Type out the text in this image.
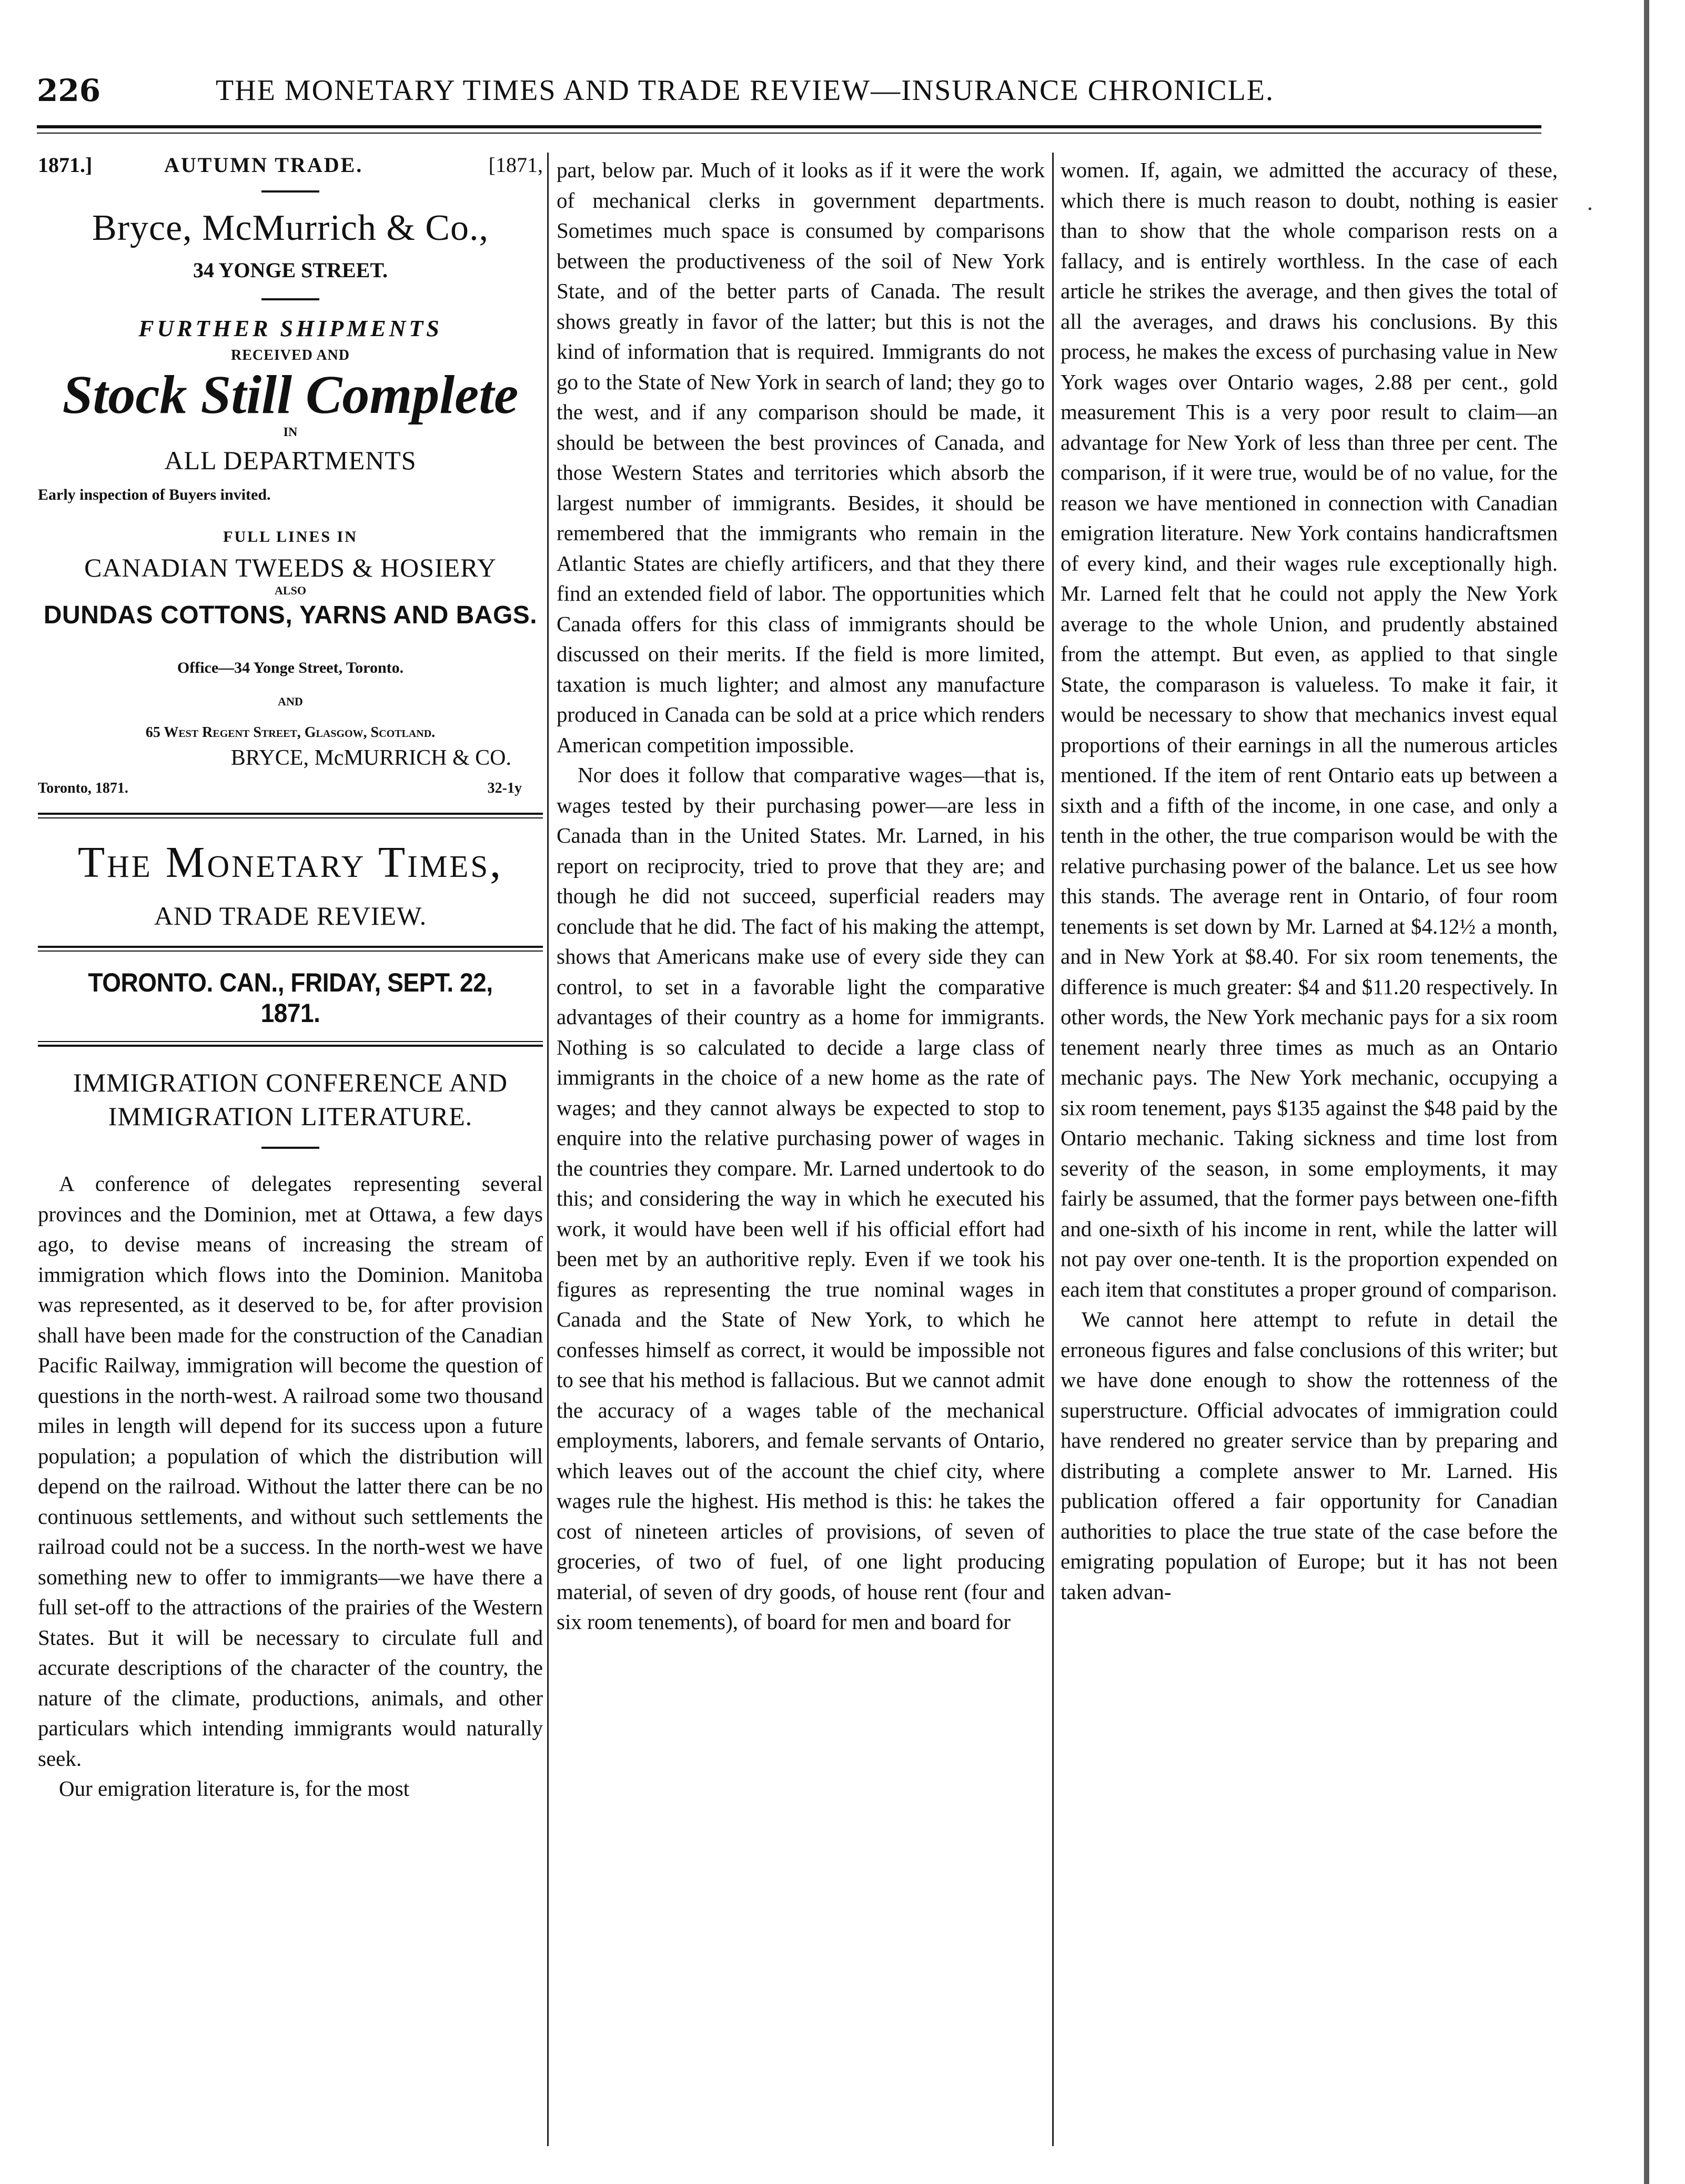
226	THE MONETARY TIMES AND TRADE REVIEW—INSURANCE CHRONICLE.
·
1871.]	AUTUMN TRADE.	[1871,
Bryce, McMurrich & Co.,
34 YONGE STREET.
FURTHER SHIPMENTS
RECEIVED AND
Stock Still Complete
IN
ALL DEPARTMENTS
Early inspection of Buyers invited.
FULL LINES IN
CANADIAN TWEEDS & HOSIERY
ALSO
DUNDAS COTTONS, YARNS AND BAGS.
Office—34 Yonge Street, Toronto.
AND
65 West Regent Street, Glasgow, Scotland.
BRYCE, McMURRICH & CO.
Toronto, 1871.	32-1y
The Monetary Times,
AND TRADE REVIEW.
TORONTO. CAN., FRIDAY, SEPT. 22, 1871.
IMMIGRATION CONFERENCE AND
IMMIGRATION LITERATURE.

A conference of delegates representing several provinces and the Dominion, met at Ottawa, a few days ago, to devise means of increasing the stream of immigration which flows into the Dominion. Manitoba was represented, as it deserved to be, for after provision shall have been made for the construction of the Canadian Pacific Railway, immigration will become the question of questions in the north-west. A railroad some two thousand miles in length will depend for its success upon a future population; a population of which the distribution will depend on the railroad. Without the latter there can be no continuous settlements, and without such settlements the railroad could not be a success. In the north-west we have something new to offer to immigrants—we have there a full set-off to the attractions of the prairies of the Western States. But it will be necessary to circulate full and accurate descriptions of the character of the country, the nature of the climate, productions, animals, and other particulars which intending immigrants would naturally seek.

Our emigration literature is, for the most

part, below par. Much of it looks as if it were the work of mechanical clerks in government departments. Sometimes much space is consumed by comparisons between the productiveness of the soil of New York State, and of the better parts of Canada. The result shows greatly in favor of the latter; but this is not the kind of information that is required. Immigrants do not go to the State of New York in search of land; they go to the west, and if any comparison should be made, it should be between the best provinces of Canada, and those Western States and territories which absorb the largest number of immigrants. Besides, it should be remembered that the immigrants who remain in the Atlantic States are chiefly artificers, and that they there find an extended field of labor. The opportunities which Canada offers for this class of immigrants should be discussed on their merits. If the field is more limited, taxation is much lighter; and almost any manufacture produced in Canada can be sold at a price which renders American competition impossible.

Nor does it follow that comparative wages—that is, wages tested by their purchasing power—are less in Canada than in the United States. Mr. Larned, in his report on reciprocity, tried to prove that they are; and though he did not succeed, superficial readers may conclude that he did. The fact of his making the attempt, shows that Americans make use of every side they can control, to set in a favorable light the comparative advantages of their country as a home for immigrants. Nothing is so calculated to decide a large class of immigrants in the choice of a new home as the rate of wages; and they cannot always be expected to stop to enquire into the relative purchasing power of wages in the countries they compare. Mr. Larned undertook to do this; and considering the way in which he executed his work, it would have been well if his official effort had been met by an authoritive reply. Even if we took his figures as representing the true nominal wages in Canada and the State of New York, to which he confesses himself as correct, it would be impossible not to see that his method is fallacious. But we cannot admit the accuracy of a wages table of the mechanical employments, laborers, and female servants of Ontario, which leaves out of the account the chief city, where wages rule the highest. His method is this: he takes the cost of nineteen articles of provisions, of seven of groceries, of two of fuel, of one light producing material, of seven of dry goods, of house rent (four and six room tenements), of board for men and board for

women. If, again, we admitted the accuracy of these, which there is much reason to doubt, nothing is easier than to show that the whole comparison rests on a fallacy, and is entirely worthless. In the case of each article he strikes the average, and then gives the total of all the averages, and draws his conclusions. By this process, he makes the excess of purchasing value in New York wages over Ontario wages, 2.88 per cent., gold measurement This is a very poor result to claim—an advantage for New York of less than three per cent. The comparison, if it were true, would be of no value, for the reason we have mentioned in connection with Canadian emigration literature. New York contains handicraftsmen of every kind, and their wages rule exceptionally high. Mr. Larned felt that he could not apply the New York average to the whole Union, and prudently abstained from the attempt. But even, as applied to that single State, the comparason is valueless. To make it fair, it would be necessary to show that mechanics invest equal proportions of their earnings in all the numerous articles mentioned. If the item of rent Ontario eats up between a sixth and a fifth of the income, in one case, and only a tenth in the other, the true comparison would be with the relative purchasing power of the balance. Let us see how this stands. The average rent in Ontario, of four room tenements is set down by Mr. Larned at $4.12½ a month, and in New York at $8.40. For six room tenements, the difference is much greater: $4 and $11.20 respectively. In other words, the New York mechanic pays for a six room tenement nearly three times as much as an Ontario mechanic pays. The New York mechanic, occupying a six room tenement, pays $135 against the $48 paid by the Ontario mechanic. Taking sickness and time lost from severity of the season, in some employments, it may fairly be assumed, that the former pays between one-fifth and one-sixth of his income in rent, while the latter will not pay over one-tenth. It is the proportion expended on each item that constitutes a proper ground of comparison.

We cannot here attempt to refute in detail the erroneous figures and false conclusions of this writer; but we have done enough to show the rottenness of the superstructure. Official advocates of immigration could have rendered no greater service than by preparing and distributing a complete answer to Mr. Larned. His publication offered a fair opportunity for Canadian authorities to place the true state of the case before the emigrating population of Europe; but it has not been taken advan-
